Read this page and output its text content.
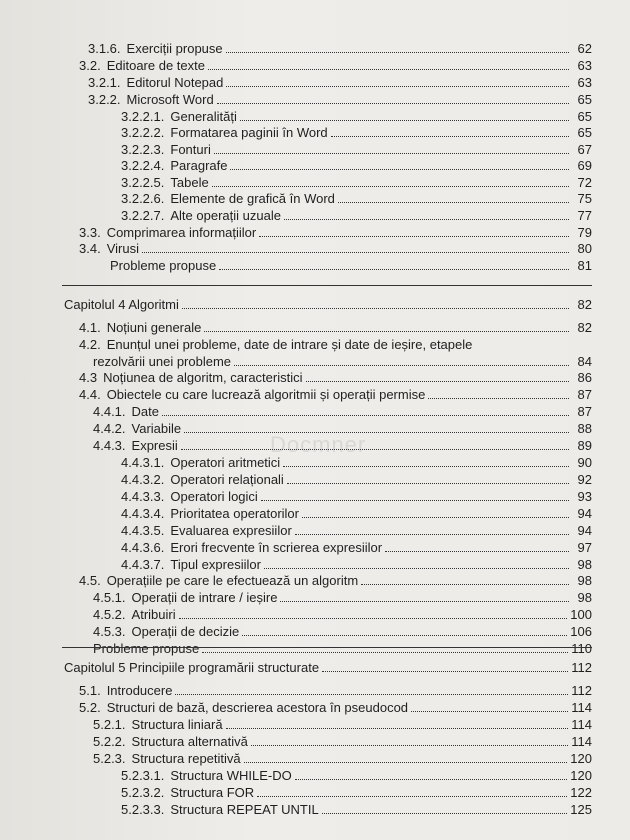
3.1.6. Exerciții propuse	62
3.2. Editoare de texte	63
3.2.1. Editorul Notepad	63
3.2.2. Microsoft Word	65
3.2.2.1. Generalități	65
3.2.2.2. Formatarea paginii în Word	65
3.2.2.3. Fonturi	67
3.2.2.4. Paragrafe	69
3.2.2.5. Tabele	72
3.2.2.6. Elemente de grafică în Word	75
3.2.2.7. Alte operații uzuale	77
3.3. Comprimarea informațiilor	79
3.4. Virusi	80
Probleme propuse	81
Capitolul 4 Algoritmi	82
4.1. Noțiuni generale	82
4.2. Enunțul unei probleme, date de intrare și date de ieșire, etapele
rezolvării unei probleme	84
4.3 Noțiunea de algoritm, caracteristici	86
4.4. Obiectele cu care lucrează algoritmii și operații permise	87
4.4.1. Date	87
4.4.2. Variabile	88
4.4.3. Expresii	89
4.4.3.1. Operatori aritmetici	90
4.4.3.2. Operatori relaționali	92
4.4.3.3. Operatori logici	93
4.4.3.4. Prioritatea operatorilor	94
4.4.3.5. Evaluarea expresiilor	94
4.4.3.6. Erori frecvente în scrierea expresiilor	97
4.4.3.7. Tipul expresiilor	98
4.5. Operațiile pe care le efectuează un algoritm	98
4.5.1. Operații de intrare / ieșire	98
4.5.2. Atribuiri	100
4.5.3. Operații de decizie	106
Probleme propuse	110
Capitolul 5 Principiile programării structurate	112
5.1. Introducere	112
5.2. Structuri de bază, descrierea acestora în pseudocod	114
5.2.1. Structura liniară	114
5.2.2. Structura alternativă	114
5.2.3. Structura repetitivă	120
5.2.3.1. Structura WHILE-DO	120
5.2.3.2. Structura FOR	122
5.2.3.3. Structura REPEAT UNTIL	125
Docmner
